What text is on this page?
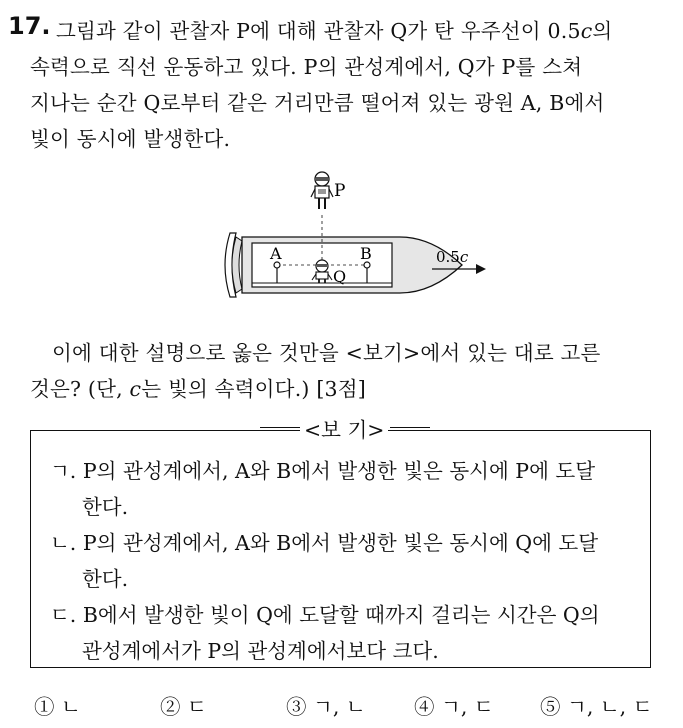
17. 그림과 같이 관찰자 P에 대해 관찰자 Q가 탄 우주선이 0.5c의
속력으로 직선 운동하고 있다. P의 관성계에서, Q가 P를 스쳐
지나는 순간 Q로부터 같은 거리만큼 떨어져 있는 광원 A, B에서
빛이 동시에 발생한다.
P
A	B
Q
0.5c
이에 대한 설명으로 옳은 것만을 <보기>에서 있는 대로 고른
것은? (단, c는 빛의 속력이다.) [3점]
<보 기>
ㄱ. P의 관성계에서, A와 B에서 발생한 빛은 동시에 P에 도달
한다.
ㄴ. P의 관성계에서, A와 B에서 발생한 빛은 동시에 Q에 도달
한다.
ㄷ. B에서 발생한 빛이 Q에 도달할 때까지 걸리는 시간은 Q의
관성계에서가 P의 관성계에서보다 크다.
① ㄴ	② ㄷ	③ ㄱ, ㄴ ④ ㄱ, ㄷ ⑤ ㄱ, ㄴ, ㄷ
